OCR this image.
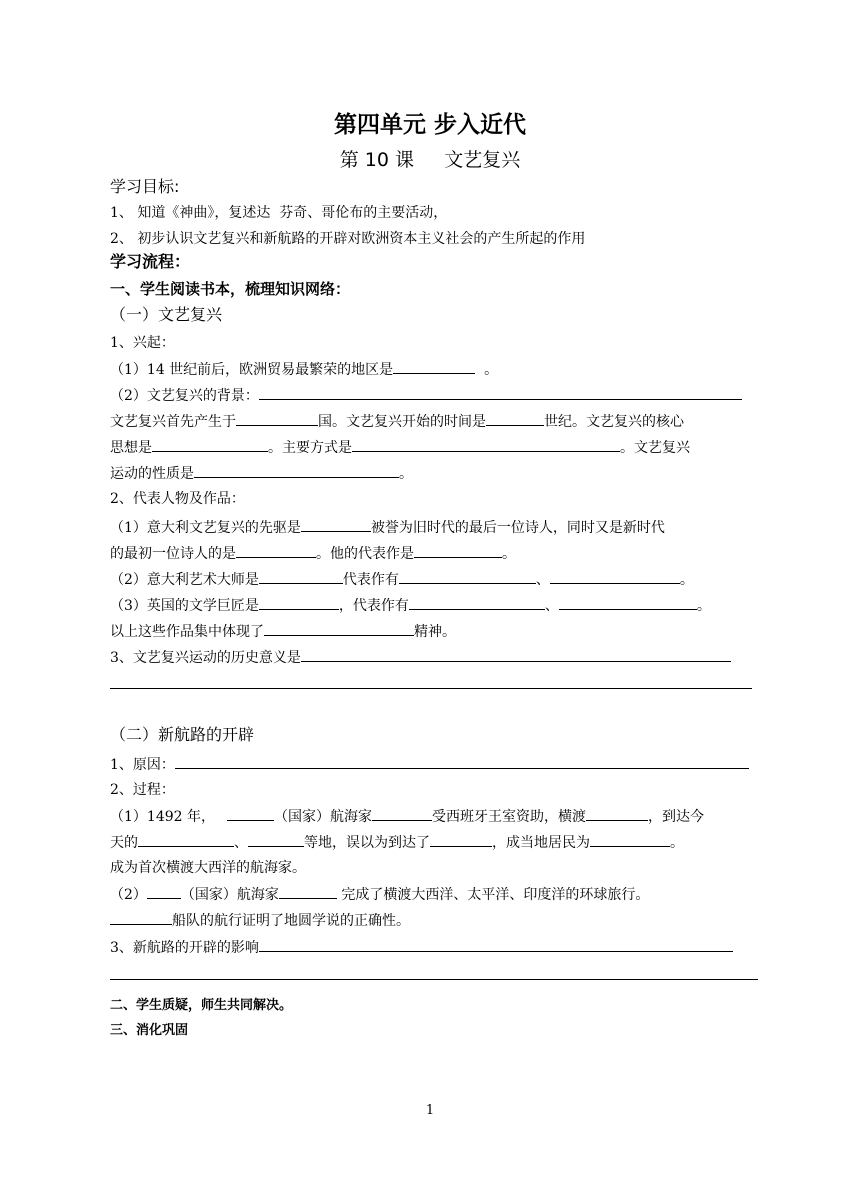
第四单元 步入近代
第 10 课     文艺复兴
学习目标:
1、 知道《神曲》，复述达  芬奇、哥伦布的主要活动，
2、 初步认识文艺复兴和新航路的开辟对欧洲资本主义社会的产生所起的作用
学习流程：
一、学生阅读书本，梳理知识网络：
（一）文艺复兴
1、兴起：
（1）14 世纪前后，欧洲贸易最繁荣的地区是	。
（2）文艺复兴的背景：
文艺复兴首先产生于	国。文艺复兴开始的时间是	世纪。文艺复兴的核心
思想是	。主要方式是	。文艺复兴
运动的性质是	。
2、代表人物及作品：
（1）意大利文艺复兴的先驱是	被誉为旧时代的最后一位诗人，同时又是新时代
的最初一位诗人的是	。他的代表作是	。
（2）意大利艺术大师是	代表作有	、	。
（3）英国的文学巨匠是	，代表作有	、	。
以上这些作品集中体现了	精神。
3、文艺复兴运动的历史意义是
（二）新航路的开辟
1、原因：
2、过程：
（1）1492 年，	（国家）航海家	受西班牙王室资助，横渡	，到达今
天的	、	等地，误以为到达了	，成当地居民为	。
成为首次横渡大西洋的航海家。
（2） （国家）航海家	完成了横渡大西洋、太平洋、印度洋的环球旅行。
船队的航行证明了地圆学说的正确性。
3、新航路的开辟的影响
二、学生质疑，师生共同解决。
三、消化巩固
1
